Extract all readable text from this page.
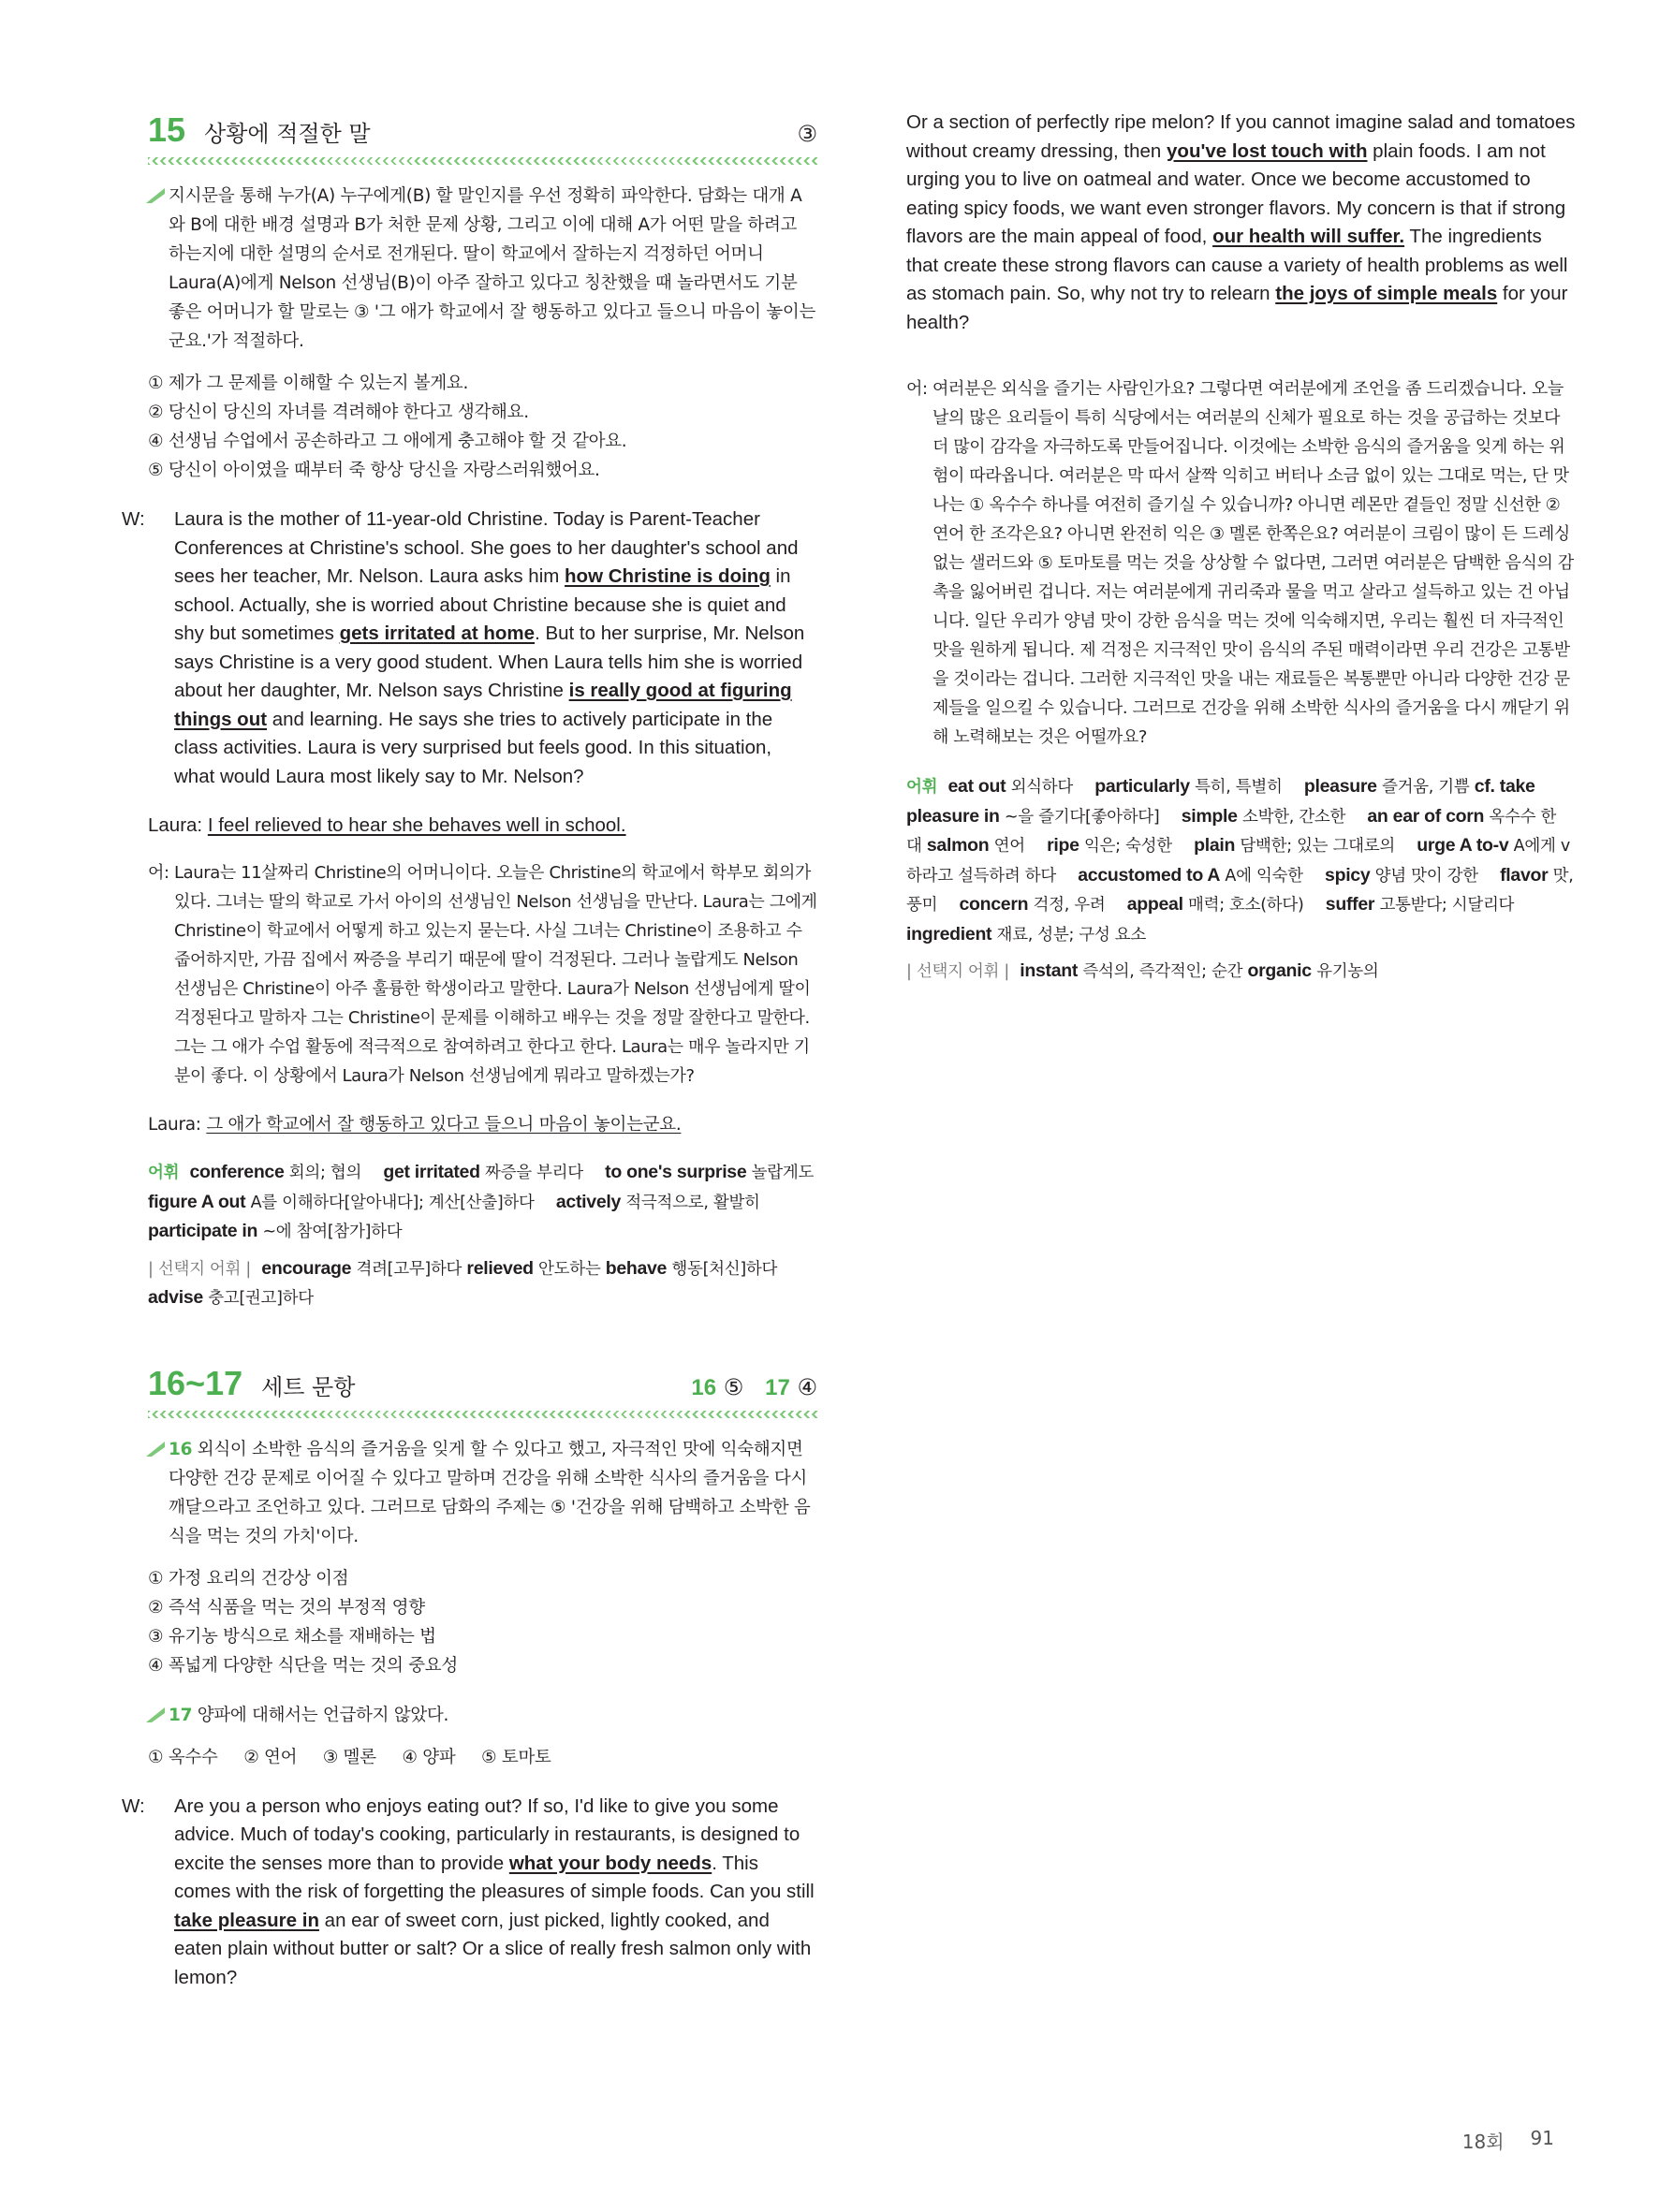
15 상황에 적절한 말	③
지시문을 통해 누가(A) 누구에게(B) 할 말인지를 우선 정확히 파악한다. 담화는 대개 A와 B에 대한 배경 설명과 B가 처한 문제 상황, 그리고 이에 대해 A가 어떤 말을 하려고 하는지에 대한 설명의 순서로 전개된다. 딸이 학교에서 잘하는지 걱정하던 어머니 Laura(A)에게 Nelson 선생님(B)이 아주 잘하고 있다고 칭찬했을 때 놀라면서도 기분 좋은 어머니가 할 말로는 ③ '그 애가 학교에서 잘 행동하고 있다고 들으니 마음이 놓이는군요.'가 적절하다.
① 제가 그 문제를 이해할 수 있는지 볼게요.
② 당신이 당신의 자녀를 격려해야 한다고 생각해요.
④ 선생님 수업에서 공손하라고 그 애에게 충고해야 할 것 같아요.
⑤ 당신이 아이였을 때부터 죽 항상 당신을 자랑스러워했어요.
W: Laura is the mother of 11-year-old Christine. Today is Parent-Teacher Conferences at Christine's school. She goes to her daughter's school and sees her teacher, Mr. Nelson. Laura asks him how Christine is doing in school. Actually, she is worried about Christine because she is quiet and shy but sometimes gets irritated at home. But to her surprise, Mr. Nelson says Christine is a very good student. When Laura tells him she is worried about her daughter, Mr. Nelson says Christine is really good at figuring things out and learning. He says she tries to actively participate in the class activities. Laura is very surprised but feels good. In this situation, what would Laura most likely say to Mr. Nelson?
Laura: I feel relieved to hear she behaves well in school.
어: Laura는 11살짜리 Christine의 어머니이다. 오늘은 Christine의 학교에서 학부모 회의가 있다. 그녀는 딸의 학교로 가서 아이의 선생님인 Nelson 선생님을 만난다. Laura는 그에게 Christine이 학교에서 어떻게 하고 있는지 묻는다. 사실 그녀는 Christine이 조용하고 수줍어하지만, 가끔 집에서 짜증을 부리기 때문에 딸이 걱정된다. 그러나 놀랍게도 Nelson 선생님은 Christine이 아주 훌륭한 학생이라고 말한다. Laura가 Nelson 선생님에게 딸이 걱정된다고 말하자 그는 Christine이 문제를 이해하고 배우는 것을 정말 잘한다고 말한다. 그는 그 애가 수업 활동에 적극적으로 참여하려고 한다고 한다. Laura는 매우 놀라지만 기분이 좋다. 이 상황에서 Laura가 Nelson 선생님에게 뭐라고 말하겠는가?
Laura: 그 애가 학교에서 잘 행동하고 있다고 들으니 마음이 놓이는군요.
어휘 conference 회의; 협의 get irritated 짜증을 부리다 to one's surprise 놀랍게도 figure A out A를 이해하다[알아내다]; 계산[산출]하다 actively 적극적으로, 활발히 participate in ~에 참여[참가]하다
| 선택지 어휘 | encourage 격려[고무]하다 relieved 안도하는 behave 행동[처신]하다 advise 충고[권고]하다
16~17 세트 문항	16 ⑤ 17 ④
16 외식이 소박한 음식의 즐거움을 잊게 할 수 있다고 했고, 자극적인 맛에 익숙해지면 다양한 건강 문제로 이어질 수 있다고 말하며 건강을 위해 소박한 식사의 즐거움을 다시 깨달으라고 조언하고 있다. 그러므로 담화의 주제는 ⑤ '건강을 위해 담백하고 소박한 음식을 먹는 것의 가치'이다.
① 가정 요리의 건강상 이점
② 즉석 식품을 먹는 것의 부정적 영향
③ 유기농 방식으로 채소를 재배하는 법
④ 폭넓게 다양한 식단을 먹는 것의 중요성
17 양파에 대해서는 언급하지 않았다.
① 옥수수 ② 연어 ③ 멜론 ④ 양파 ⑤ 토마토
W: Are you a person who enjoys eating out? If so, I'd like to give you some advice. Much of today's cooking, particularly in restaurants, is designed to excite the senses more than to provide what your body needs. This comes with the risk of forgetting the pleasures of simple foods. Can you still take pleasure in an ear of sweet corn, just picked, lightly cooked, and eaten plain without butter or salt? Or a slice of really fresh salmon only with lemon?
Or a section of perfectly ripe melon? If you cannot imagine salad and tomatoes without creamy dressing, then you've lost touch with plain foods. I am not urging you to live on oatmeal and water. Once we become accustomed to eating spicy foods, we want even stronger flavors. My concern is that if strong flavors are the main appeal of food, our health will suffer. The ingredients that create these strong flavors can cause a variety of health problems as well as stomach pain. So, why not try to relearn the joys of simple meals for your health?
어: 여러분은 외식을 즐기는 사람인가요? 그렇다면 여러분에게 조언을 좀 드리겠습니다. 오늘날의 많은 요리들이 특히 식당에서는 여러분의 신체가 필요로 하는 것을 공급하는 것보다 더 많이 감각을 자극하도록 만들어집니다. 이것에는 소박한 음식의 즐거움을 잊게 하는 위험이 따라옵니다. 여러분은 막 따서 살짝 익히고 버터나 소금 없이 있는 그대로 먹는, 단 맛 나는 ① 옥수수 하나를 여전히 즐기실 수 있습니까? 아니면 레몬만 곁들인 정말 신선한 ② 연어 한 조각은요? 아니면 완전히 익은 ③ 멜론 한쪽은요? 여러분이 크림이 많이 든 드레싱 없는 샐러드와 ⑤ 토마토를 먹는 것을 상상할 수 없다면, 그러면 여러분은 담백한 음식의 감촉을 잃어버린 겁니다. 저는 여러분에게 귀리죽과 물을 먹고 살라고 설득하고 있는 건 아닙니다. 일단 우리가 양념 맛이 강한 음식을 먹는 것에 익숙해지면, 우리는 훨씬 더 자극적인 맛을 원하게 됩니다. 제 걱정은 지극적인 맛이 음식의 주된 매력이라면 우리 건강은 고통받을 것이라는 겁니다. 그러한 지극적인 맛을 내는 재료들은 복통뿐만 아니라 다양한 건강 문제들을 일으킬 수 있습니다. 그러므로 건강을 위해 소박한 식사의 즐거움을 다시 깨닫기 위해 노력해보는 것은 어떨까요?
어휘 eat out 외식하다 particularly 특히, 특별히 pleasure 즐거움, 기쁨 cf. take pleasure in ~을 즐기다[좋아하다] simple 소박한, 간소한 an ear of corn 옥수수 한 대 salmon 연어 ripe 익은; 숙성한 plain 담백한; 있는 그대로의 urge A to-v A에게 v하라고 설득하려 하다 accustomed to A A에 익숙한 spicy 양념 맛이 강한 flavor 맛, 풍미 concern 걱정, 우려 appeal 매력; 호소(하다) suffer 고통받다; 시달리다 ingredient 재료, 성분; 구성 요소
| 선택지 어휘 | instant 즉석의, 즉각적인; 순간 organic 유기농의
18회 91
